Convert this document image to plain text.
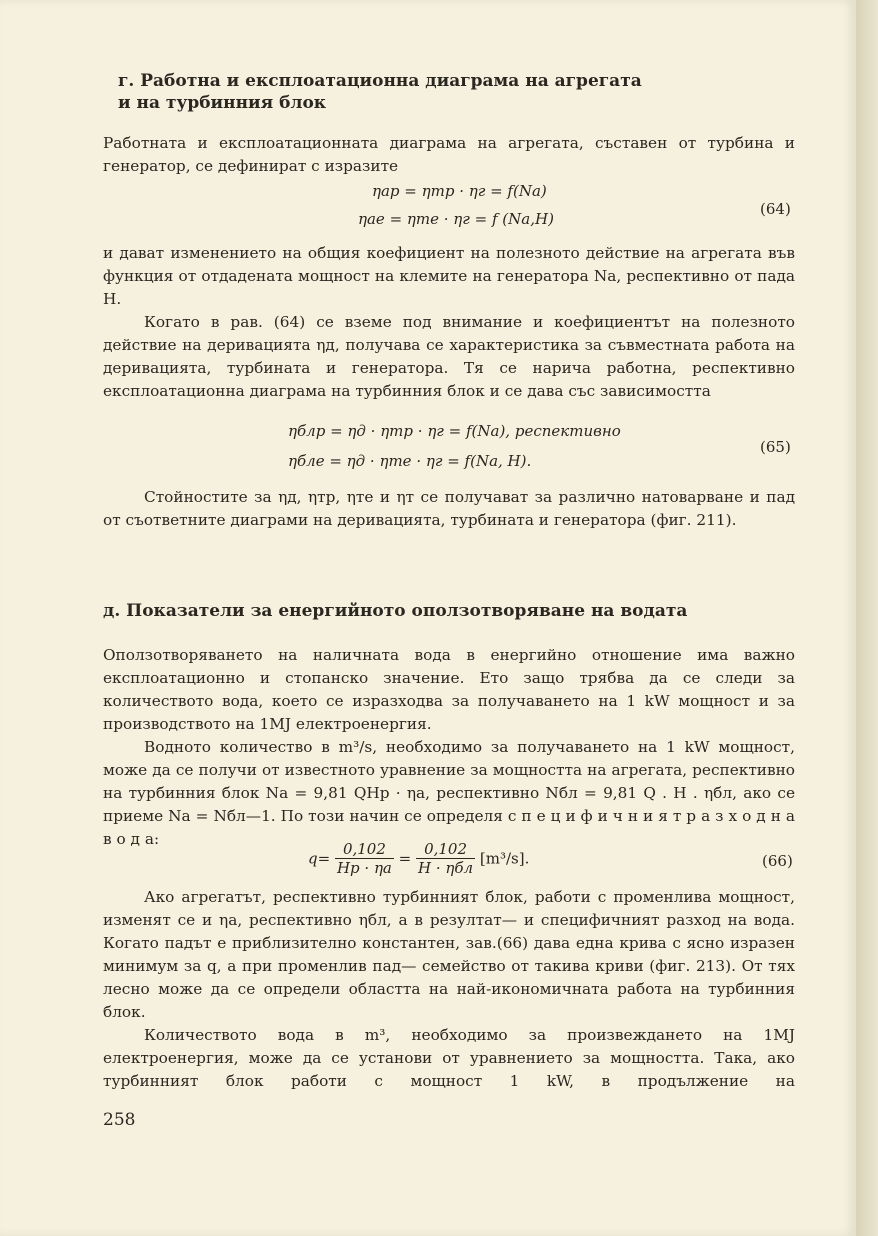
г. Работна и експлоатационна диаграма на агрегата
и на турбинния блок

Работната и експлоатационната диаграма на агрегата, съставен от турбина и генератор, се дефинират с изразите

ηаp = ηтp · ηг = f(Nа)
ηаe = ηтe · ηг = f (Nа,H)
(64)

и дават изменението на общия коефициент на полезното действие на агрегата във функция от отдадената мощност на клемите на генератора Nа, респективно от пада H.

Когато в рав. (64) се вземе под внимание и коефициентът на полезното действие на деривацията ηд, получава се характеристика за съвместната работа на деривацията, турбината и генератора. Тя се нарича работна, респективно експлоатационна диаграма на турбинния блок и се дава със зависимостта

ηблp = ηд · ηтp · ηг = f(Nа), респективно
ηблe = ηд · ηтe · ηг = f(Nа, H).
(65)

Стойностите за ηд, ηтp, ηтe и ηт се получават за различно натоварване и пад от съответните диаграми на деривацията, турбината и генератора (фиг. 211).

д. Показатели за енергийното оползотворяване на водата

Оползотворяването на наличната вода в енергийно отношение има важно експлоатационно и стопанско значение. Ето защо трябва да се следи за количеството вода, което се изразходва за получаването на 1 kW мощност и за производството на 1MJ електроенергия.

Водното количество в m³/s, необходимо за получаването на 1 kW мощност, може да се получи от известното уравнение за мощността на агрегата, респективно на турбинния блок Nа = 9,81 QHр · ηа, респективно Nбл = 9,81 Q . H . ηбл, ако се приеме Nа = Nбл—1. По този начин се определя с п е ц и ф и ч н и я т р а з х о д н а в о д а:

$q= \frac{0,102}{Hр \cdot \eta а} = \frac{0,102}{\text{H · ηбл}} [m^3/s]$.	(66)

Ако агрегатът, респективно турбинният блок, работи с променлива мощност, изменят се и ηа, респективно ηбл, а в резултат— и специфичният разход на вода. Когато падът е приблизително константен, зав.(66) дава една крива с ясно изразен минимум за q, а при променлив пад— семейство от такива криви (фиг. 213). От тях лесно може да се определи областта на най-икономичната работа на турбинния блок.

Количеството вода в m³, необходимо за произвеждането на 1MJ електроенергия, може да се установи от уравнението за мощността. Така, ако турбинният блок работи с мощност 1 kW, в продължение на

258
